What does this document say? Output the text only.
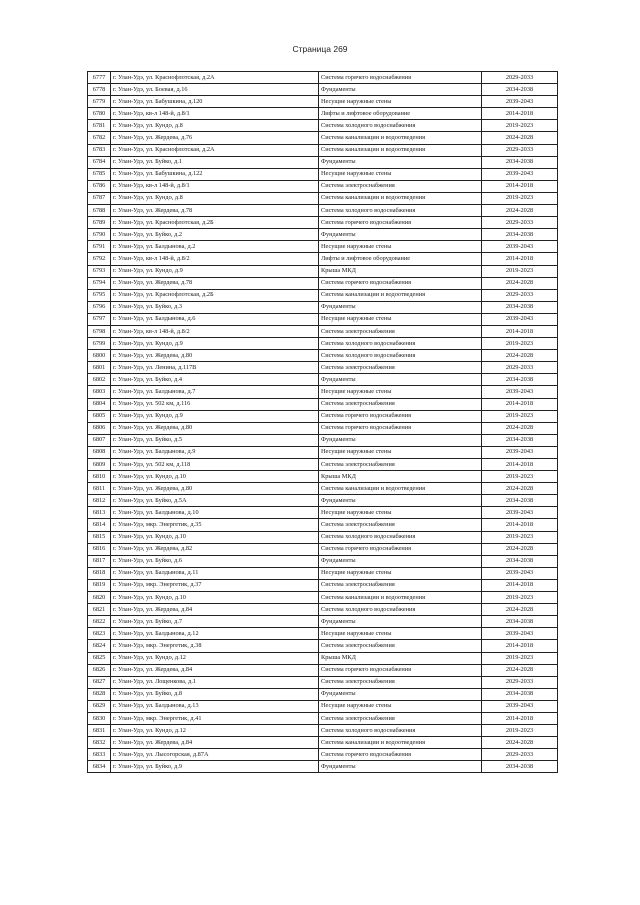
Страница 269
6777	г. Улан-Удэ, ул. Краснофлотская, д.2А	Система горячего водоснабжения	2029-2033
6778	г. Улан-Удэ, ул. Боевая, д.16	Фундаменты	2034-2038
6779	г. Улан-Удэ, ул. Бабушкина, д.120	Несущие наружные стены	2039-2043
6780	г. Улан-Удэ, кв-л 148-й, д.8/1	Лифты и лифтовое оборудование	2014-2018
6781	г. Улан-Удэ, ул. Кундо, д.8	Система холодного водоснабжения	2019-2023
6782	г. Улан-Удэ, ул. Жердева, д.76	Система канализации и водоотведения	2024-2028
6783	г. Улан-Удэ, ул. Краснофлотская, д.2А	Система канализации и водоотведения	2029-2033
6784	г. Улан-Удэ, ул. Буйко, д.1	Фундаменты	2034-2038
6785	г. Улан-Удэ, ул. Бабушкина, д.122	Несущие наружные стены	2039-2043
6786	г. Улан-Удэ, кв-л 148-й, д.8/1	Система электроснабжения	2014-2018
6787	г. Улан-Удэ, ул. Кундо, д.8	Система канализации и водоотведения	2019-2023
6788	г. Улан-Удэ, ул. Жердева, д.78	Система холодного водоснабжения	2024-2028
6789	г. Улан-Удэ, ул. Краснофлотская, д.2Б	Система горячего водоснабжения	2029-2033
6790	г. Улан-Удэ, ул. Буйко, д.2	Фундаменты	2034-2038
6791	г. Улан-Удэ, ул. Балдынова, д.2	Несущие наружные стены	2039-2043
6792	г. Улан-Удэ, кв-л 148-й, д.8/2	Лифты и лифтовое оборудование	2014-2018
6793	г. Улан-Удэ, ул. Кундо, д.9	Крыша МКД	2019-2023
6794	г. Улан-Удэ, ул. Жердева, д.78	Система горячего водоснабжения	2024-2028
6795	г. Улан-Удэ, ул. Краснофлотская, д.2Б	Система канализации и водоотведения	2029-2033
6796	г. Улан-Удэ, ул. Буйко, д.3	Фундаменты	2034-2038
6797	г. Улан-Удэ, ул. Балдынова, д.6	Несущие наружные стены	2039-2043
6798	г. Улан-Удэ, кв-л 148-й, д.8/2	Система электроснабжения	2014-2018
6799	г. Улан-Удэ, ул. Кундо, д.9	Система холодного водоснабжения	2019-2023
6800	г. Улан-Удэ, ул. Жердева, д.80	Система холодного водоснабжения	2024-2028
6801	г. Улан-Удэ, ул. Ленина, д.117В	Система электроснабжения	2029-2033
6802	г. Улан-Удэ, ул. Буйко, д.4	Фундаменты	2034-2038
6803	г. Улан-Удэ, ул. Балдынова, д.7	Несущие наружные стены	2039-2043
6804	г. Улан-Удэ, ул. 502 км, д.116	Система электроснабжения	2014-2018
6805	г. Улан-Удэ, ул. Кундо, д.9	Система горячего водоснабжения	2019-2023
6806	г. Улан-Удэ, ул. Жердева, д.80	Система горячего водоснабжения	2024-2028
6807	г. Улан-Удэ, ул. Буйко, д.5	Фундаменты	2034-2038
6808	г. Улан-Удэ, ул. Балдынова, д.9	Несущие наружные стены	2039-2043
6809	г. Улан-Удэ, ул. 502 км, д.118	Система электроснабжения	2014-2018
6810	г. Улан-Удэ, ул. Кундо, д.10	Крыша МКД	2019-2023
6811	г. Улан-Удэ, ул. Жердева, д.80	Система канализации и водоотведения	2024-2028
6812	г. Улан-Удэ, ул. Буйко, д.5А	Фундаменты	2034-2038
6813	г. Улан-Удэ, ул. Балдынова, д.10	Несущие наружные стены	2039-2043
6814	г. Улан-Удэ, мкр. Энергетик, д.35	Система электроснабжения	2014-2018
6815	г. Улан-Удэ, ул. Кундо, д.10	Система холодного водоснабжения	2019-2023
6816	г. Улан-Удэ, ул. Жердева, д.82	Система горячего водоснабжения	2024-2028
6817	г. Улан-Удэ, ул. Буйко, д.6	Фундаменты	2034-2038
6818	г. Улан-Удэ, ул. Балдынова, д.11	Несущие наружные стены	2039-2043
6819	г. Улан-Удэ, мкр. Энергетик, д.37	Система электроснабжения	2014-2018
6820	г. Улан-Удэ, ул. Кундо, д.10	Система канализации и водоотведения	2019-2023
6821	г. Улан-Удэ, ул. Жердева, д.84	Система холодного водоснабжения	2024-2028
6822	г. Улан-Удэ, ул. Буйко, д.7	Фундаменты	2034-2038
6823	г. Улан-Удэ, ул. Балдынова, д.12	Несущие наружные стены	2039-2043
6824	г. Улан-Удэ, мкр. Энергетик, д.38	Система электроснабжения	2014-2018
6825	г. Улан-Удэ, ул. Кундо, д.12	Крыша МКД	2019-2023
6826	г. Улан-Удэ, ул. Жердева, д.84	Система горячего водоснабжения	2024-2028
6827	г. Улан-Удэ, ул. Лощенкова, д.1	Система электроснабжения	2029-2033
6828	г. Улан-Удэ, ул. Буйко, д.8	Фундаменты	2034-2038
6829	г. Улан-Удэ, ул. Балдынова, д.13	Несущие наружные стены	2039-2043
6830	г. Улан-Удэ, мкр. Энергетик, д.41	Система электроснабжения	2014-2018
6831	г. Улан-Удэ, ул. Кундо, д.12	Система холодного водоснабжения	2019-2023
6832	г. Улан-Удэ, ул. Жердева, д.84	Система канализации и водоотведения	2024-2028
6833	г. Улан-Удэ, ул. Лысогорская, д.87А	Система горячего водоснабжения	2029-2033
6834	г. Улан-Удэ, ул. Буйко, д.9	Фундаменты	2034-2038
